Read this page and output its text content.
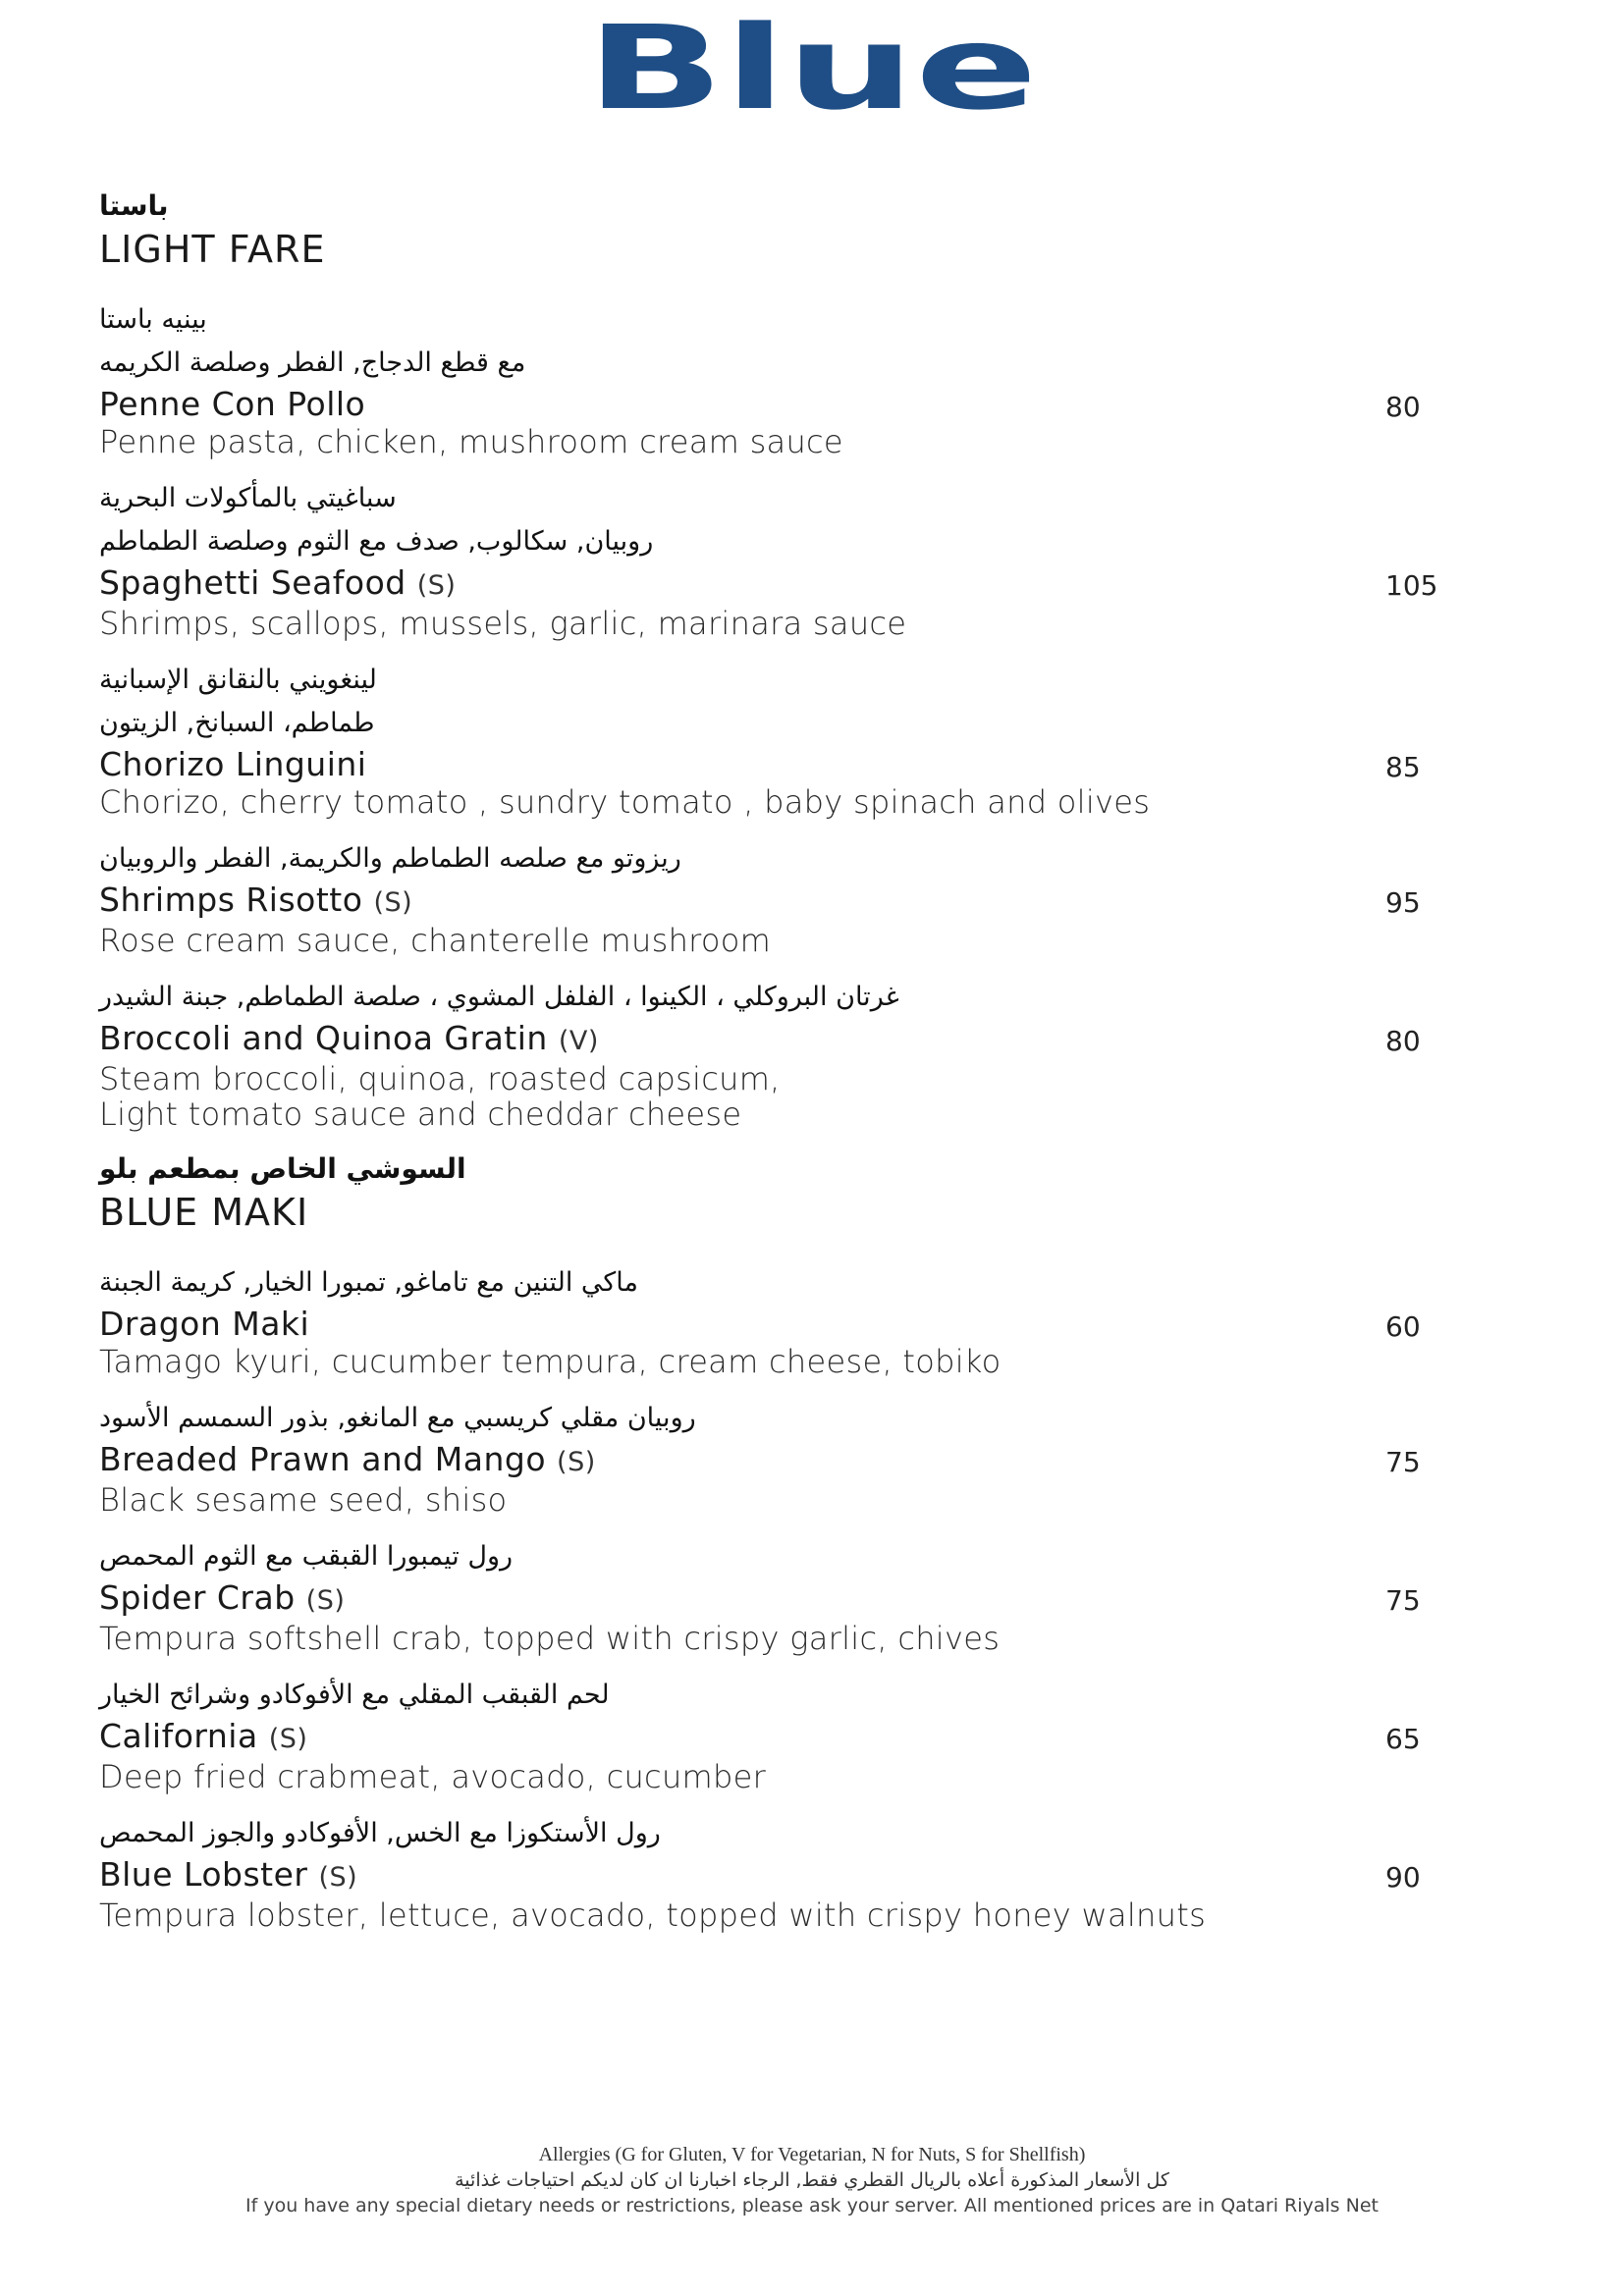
Blue
باستا
LIGHT FARE
بينيه باستا
مع قطع الدجاج, الفطر وصلصة الكريمه
Penne Con Pollo
Penne pasta, chicken, mushroom cream sauce
80
سباغيتي بالمأكولات البحرية
روبيان, سكالوب, صدف مع الثوم وصلصة الطماطم
Spaghetti Seafood (S)
Shrimps, scallops, mussels, garlic, marinara sauce
105
لينغويني بالنقانق الإسبانية
طماطم، السبانخ, الزيتون
Chorizo Linguini
Chorizo, cherry tomato , sundry tomato , baby spinach and olives
85
ريزوتو مع صلصه الطماطم والكريمة, الفطر والروبيان
Shrimps Risotto (S)
Rose cream sauce, chanterelle mushroom
95
غرتان البروكلي ، الكينوا ، الفلفل المشوي ، صلصة الطماطم, جبنة الشيدر
Broccoli and Quinoa Gratin (V)
Steam broccoli, quinoa, roasted capsicum,
Light tomato sauce and cheddar cheese
80
السوشي الخاص بمطعم بلو
BLUE MAKI
ماكي التنين مع تاماغو, تمبورا الخيار, كريمة الجبنة
Dragon Maki
Tamago kyuri, cucumber tempura, cream cheese, tobiko
60
روبيان مقلي كريسبي مع المانغو, بذور السمسم الأسود
Breaded Prawn and Mango (S)
Black sesame seed, shiso
75
رول تيمبورا القبقب مع الثوم المحمص
Spider Crab (S)
Tempura softshell crab, topped with crispy garlic, chives
75
لحم القبقب المقلي مع الأفوكادو وشرائح الخيار
California (S)
Deep fried crabmeat, avocado, cucumber
65
رول الأستكوزا مع الخس, الأفوكادو والجوز المحمص
Blue Lobster (S)
Tempura lobster, lettuce, avocado, topped with crispy honey walnuts
90
Allergies (G for Gluten, V for Vegetarian, N for Nuts, S for Shellfish)
كل الأسعار المذكورة أعلاه بالريال القطري فقط, الرجاء اخبارنا ان كان لديكم احتياجات غذائية
If you have any special dietary needs or restrictions, please ask your server. All mentioned prices are in Qatari Riyals Net
